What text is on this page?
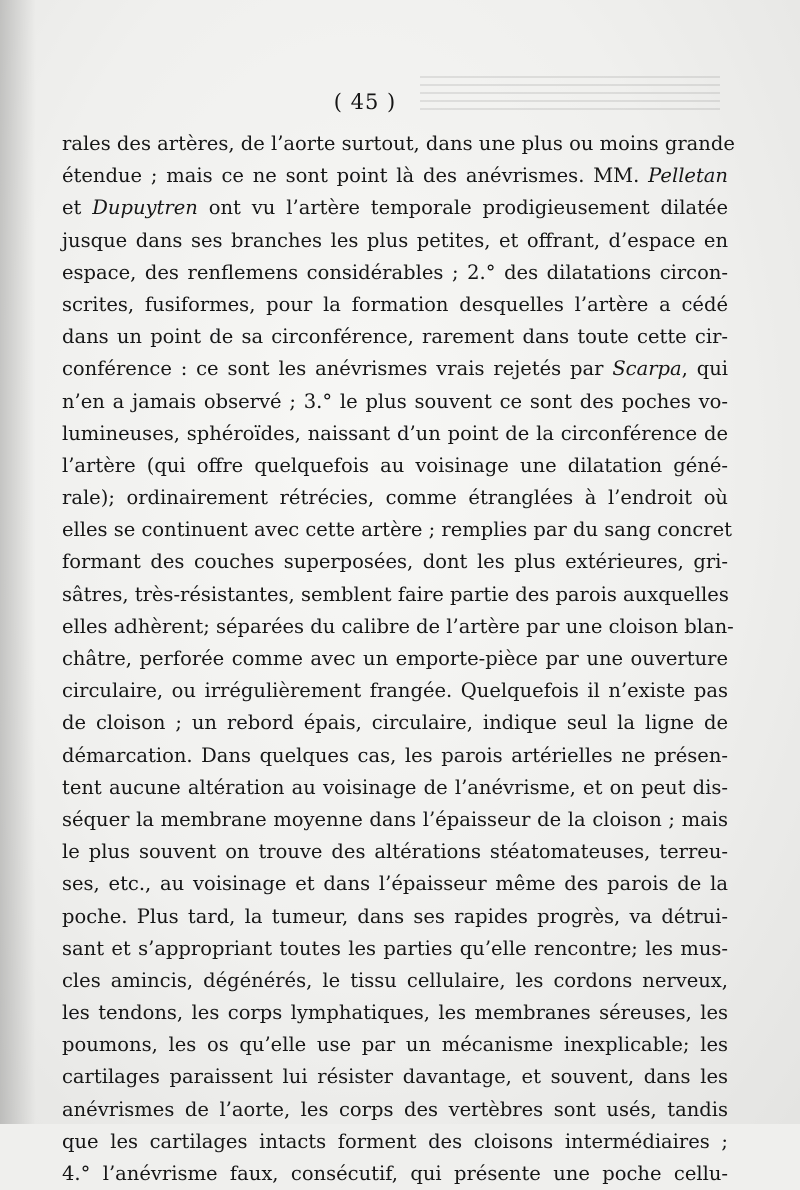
( 45 )
rales des artères, de l’aorte surtout, dans une plus ou moins grande
étendue ; mais ce ne sont point là des anévrismes. MM. Pelletan
et Dupuytren ont vu l’artère temporale prodigieusement dilatée
jusque dans ses branches les plus petites, et offrant, d’espace en
espace, des renflemens considérables ; 2.° des dilatations circon-
scrites, fusiformes, pour la formation desquelles l’artère a cédé
dans un point de sa circonférence, rarement dans toute cette cir-
conférence : ce sont les anévrismes vrais rejetés par Scarpa, qui
n’en a jamais observé ; 3.° le plus souvent ce sont des poches vo-
lumineuses, sphéroïdes, naissant d’un point de la circonférence de
l’artère (qui offre quelquefois au voisinage une dilatation géné-
rale); ordinairement rétrécies, comme étranglées à l’endroit où
elles se continuent avec cette artère ; remplies par du sang concret
formant des couches superposées, dont les plus extérieures, gri-
sâtres, très-résistantes, semblent faire partie des parois auxquelles
elles adhèrent; séparées du calibre de l’artère par une cloison blan-
châtre, perforée comme avec un emporte-pièce par une ouverture
circulaire, ou irrégulièrement frangée. Quelquefois il n’existe pas
de cloison ; un rebord épais, circulaire, indique seul la ligne de
démarcation. Dans quelques cas, les parois artérielles ne présen-
tent aucune altération au voisinage de l’anévrisme, et on peut dis-
séquer la membrane moyenne dans l’épaisseur de la cloison ; mais
le plus souvent on trouve des altérations stéatomateuses, terreu-
ses, etc., au voisinage et dans l’épaisseur même des parois de la
poche. Plus tard, la tumeur, dans ses rapides progrès, va détrui-
sant et s’appropriant toutes les parties qu’elle rencontre; les mus-
cles amincis, dégénérés, le tissu cellulaire, les cordons nerveux,
les tendons, les corps lymphatiques, les membranes séreuses, les
poumons, les os qu’elle use par un mécanisme inexplicable; les
cartilages paraissent lui résister davantage, et souvent, dans les
anévrismes de l’aorte, les corps des vertèbres sont usés, tandis
que les cartilages intacts forment des cloisons intermédiaires ;
4.° l’anévrisme faux, consécutif, qui présente une poche cellu-
